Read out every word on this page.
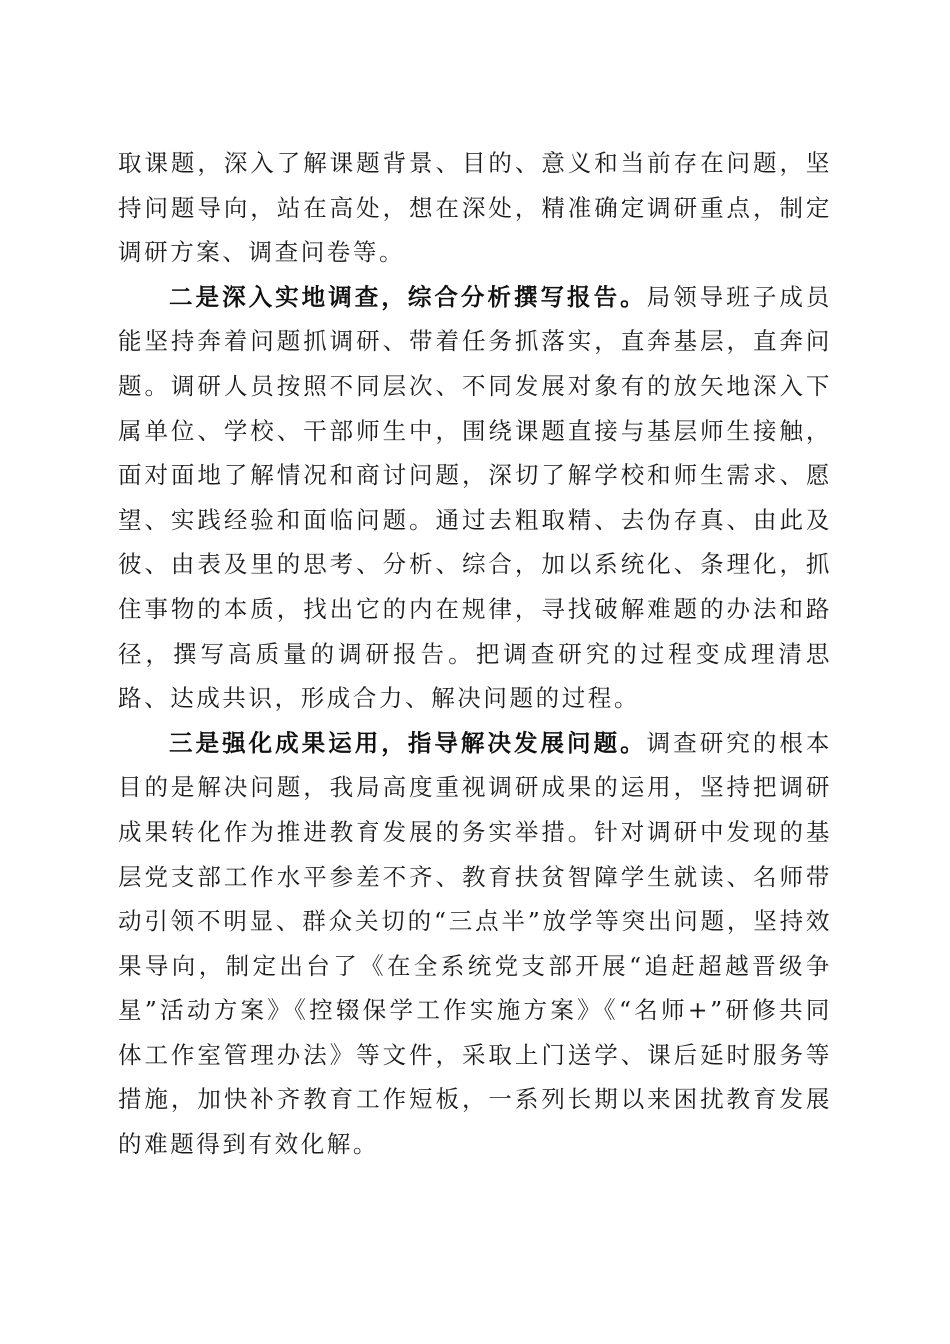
取课题，深入了解课题背景、目的、意义和当前存在问题，坚持问题导向，站在高处，想在深处，精准确定调研重点，制定调研方案、调查问卷等。

二是深入实地调查，综合分析撰写报告。局领导班子成员能坚持奔着问题抓调研、带着任务抓落实，直奔基层，直奔问题。调研人员按照不同层次、不同发展对象有的放矢地深入下属单位、学校、干部师生中，围绕课题直接与基层师生接触，面对面地了解情况和商讨问题，深切了解学校和师生需求、愿望、实践经验和面临问题。通过去粗取精、去伪存真、由此及彼、由表及里的思考、分析、综合，加以系统化、条理化，抓住事物的本质，找出它的内在规律，寻找破解难题的办法和路径，撰写高质量的调研报告。把调查研究的过程变成理清思路、达成共识，形成合力、解决问题的过程。

三是强化成果运用，指导解决发展问题。调查研究的根本目的是解决问题，我局高度重视调研成果的运用，坚持把调研成果转化作为推进教育发展的务实举措。针对调研中发现的基层党支部工作水平参差不齐、教育扶贫智障学生就读、名师带动引领不明显、群众关切的“三点半”放学等突出问题，坚持效果导向，制定出台了《在全系统党支部开展“追赶超越晋级争星”活动方案》《控辍保学工作实施方案》《“名师+”研修共同体工作室管理办法》等文件，采取上门送学、课后延时服务等措施，加快补齐教育工作短板，一系列长期以来困扰教育发展的难题得到有效化解。
